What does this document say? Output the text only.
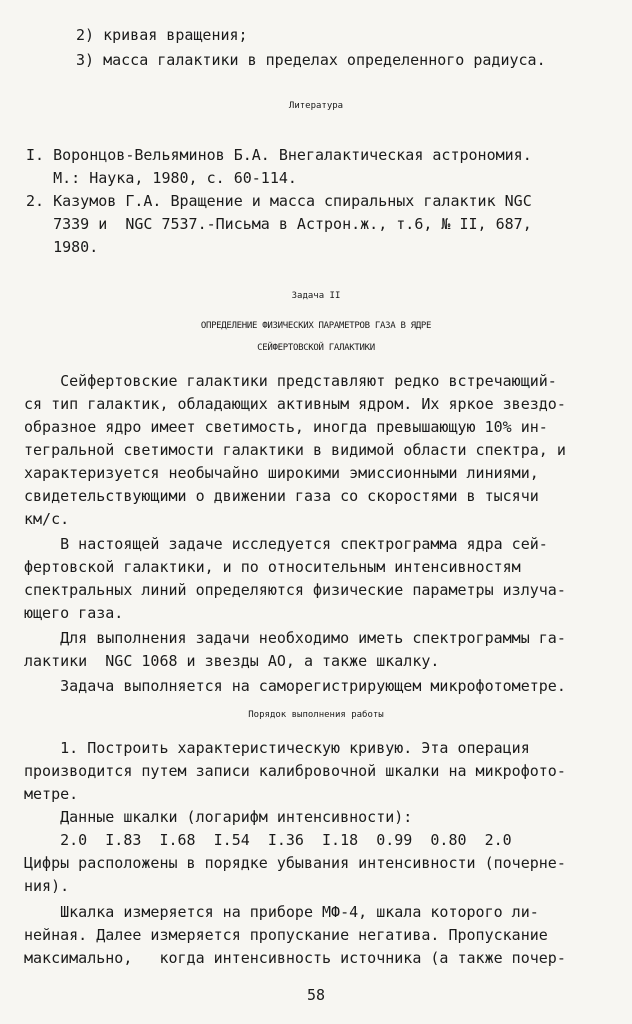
2) кривая вращения;
3) масса галактики в пределах определенного радиуса.
Литература
I. Воронцов-Вельяминов Б.А. Внегалактическая астрономия.
М.: Наука, 1980, с. 60-114.
2. Казумов Г.А. Вращение и масса спиральных галактик NGC
7339 и  NGC 7537.-Письма в Астрон.ж., т.6, № II, 687,
1980.
Задача II
ОПРЕДЕЛЕНИЕ ФИЗИЧЕСКИХ ПАРАМЕТРОВ ГАЗА В ЯДРЕ
СЕЙФЕРТОВСКОЙ ГАЛАКТИКИ
Сейфертовские галактики представляют редко встречающий-
ся тип галактик, обладающих активным ядром. Их яркое звездо-
образное ядро имеет светимость, иногда превышающую 10% ин-
тегральной светимости галактики в видимой области спектра, и
характеризуется необычайно широкими эмиссионными линиями,
свидетельствующими о движении газа со скоростями в тысячи
км/с.
В настоящей задаче исследуется спектрограмма ядра сей-
фертовской галактики, и по относительным интенсивностям
спектральных линий определяются физические параметры излуча-
ющего газа.
Для выполнения задачи необходимо иметь спектрограммы га-
лактики  NGC 1068 и звезды АО, а также шкалку.
Задача выполняется на саморегистрирующем микрофотометре.
Порядок выполнения работы
1. Построить характеристическую кривую. Эта операция
производится путем записи калибровочной шкалки на микрофото-
метре.
Данные шкалки (логарифм интенсивности):
2.0  I.83  I.68  I.54  I.36  I.18  0.99  0.80  2.0
Цифры расположены в порядке убывания интенсивности (почерне-
ния).
Шкалка измеряется на приборе МФ-4, шкала которого ли-
нейная. Далее измеряется пропускание негатива. Пропускание
максимально,   когда интенсивность источника (а также почер-
58
